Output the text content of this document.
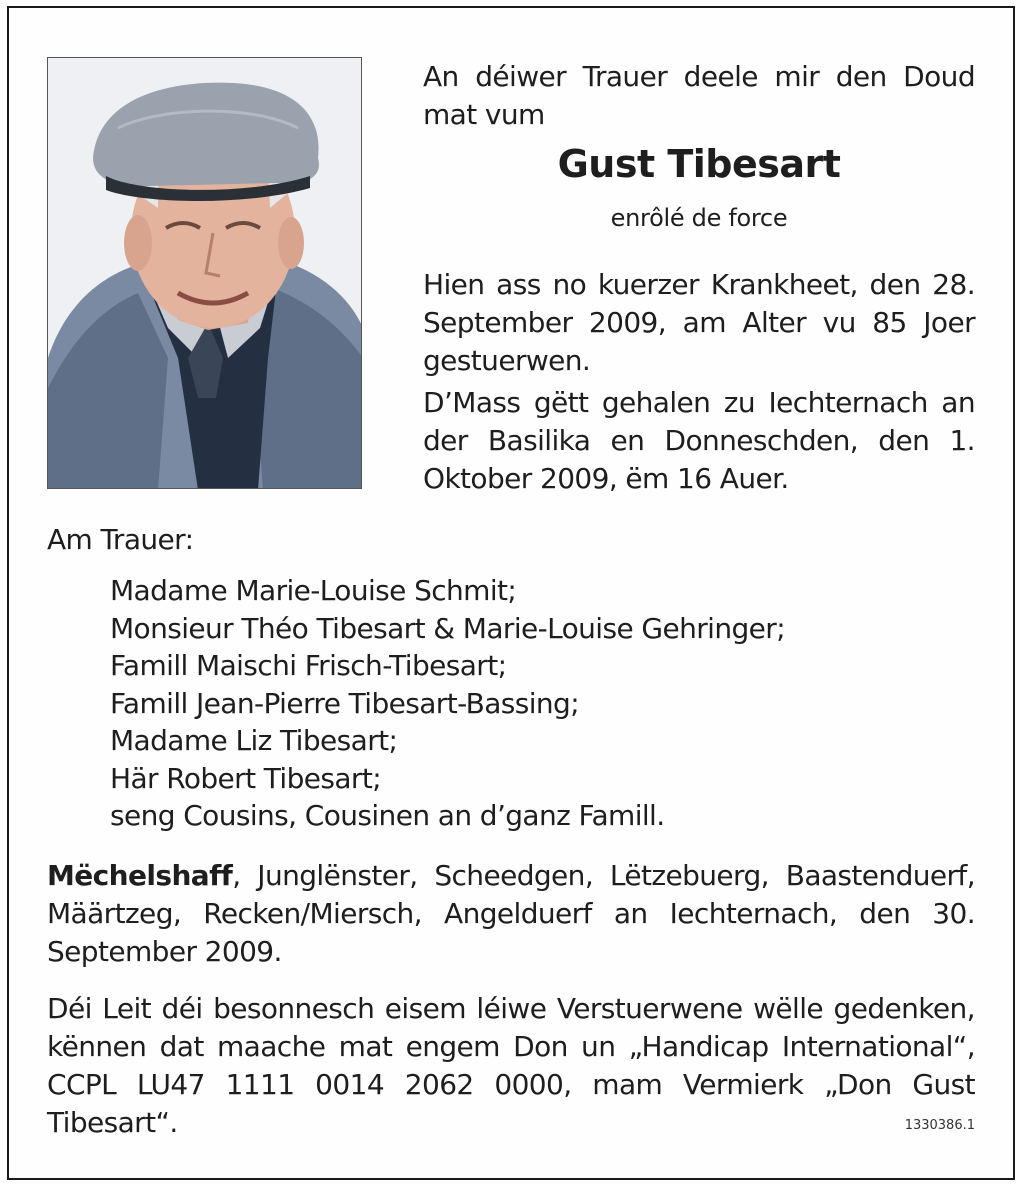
An déiwer Trauer deele mir den Doud mat vum
Gust Tibesart
enrôlé de force
Hien ass no kuerzer Krankheet, den 28. September 2009, am Alter vu 85 Joer gestuerwen.
D’Mass gëtt gehalen zu Iechternach an der Basilika en Donneschden, den 1. Oktober 2009, ëm 16 Auer.
Am Trauer:
Madame Marie-Louise Schmit;
Monsieur Théo Tibesart & Marie-Louise Gehringer;
Famill Maischi Frisch-Tibesart;
Famill Jean-Pierre Tibesart-Bassing;
Madame Liz Tibesart;
Här Robert Tibesart;
seng Cousins, Cousinen an d’ganz Famill.
Mëchelshaff, Junglënster, Scheedgen, Lëtzebuerg, Baastenduerf, Määrtzeg, Recken/Miersch, Angelduerf an Iechternach, den 30. September 2009.
Déi Leit déi besonnesch eisem léiwe Verstuerwene wëlle gedenken, kënnen dat maache mat engem Don un „Handicap International“, CCPL LU47 1111 0014 2062 0000, mam Vermierk „Don Gust Tibesart“.	1330386.1
